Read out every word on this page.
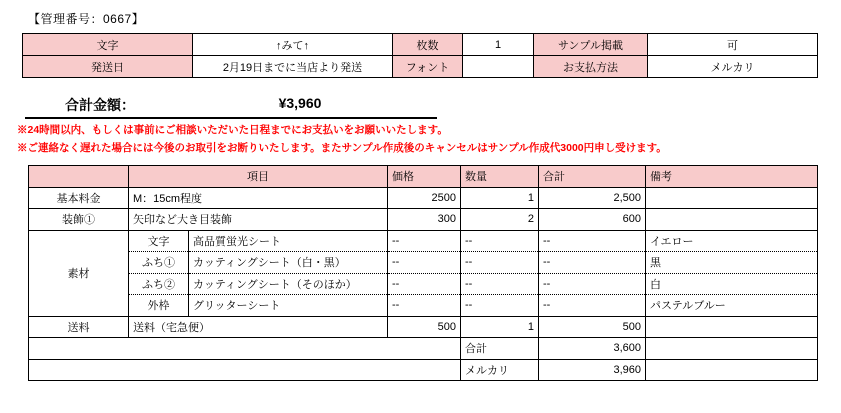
【管理番号：0667】
文字	↑みて↑	枚数	1	サンプル掲載	可
発送日	2月19日までに当店より発送	フォント		お支払方法	メルカリ
合計金額：	¥3,960
※24時間以内、もしくは事前にご相談いただいた日程までにお支払いをお願いいたします。
※ご連絡なく遅れた場合には今後のお取引をお断りいたします。またサンプル作成後のキャンセルはサンプル作成代3000円申し受けます。
	項目		価格	数量	合計	備考
基本料金	M：15cm程度		2500	1	2,500	
装飾①	矢印など大き目装飾		300	2	600	
素材	文字	高品質蛍光シート	--	--	--	イエロー
	ふち①	カッティングシート（白・黒）	--	--	--	黒
	ふち②	カッティングシート（そのほか）	--	--	--	白
	外枠	グリッターシート	--	--	--	パステルブルー
送料	送料（宅急便）		500	1	500	
				合計	3,600	
				メルカリ	3,960	
